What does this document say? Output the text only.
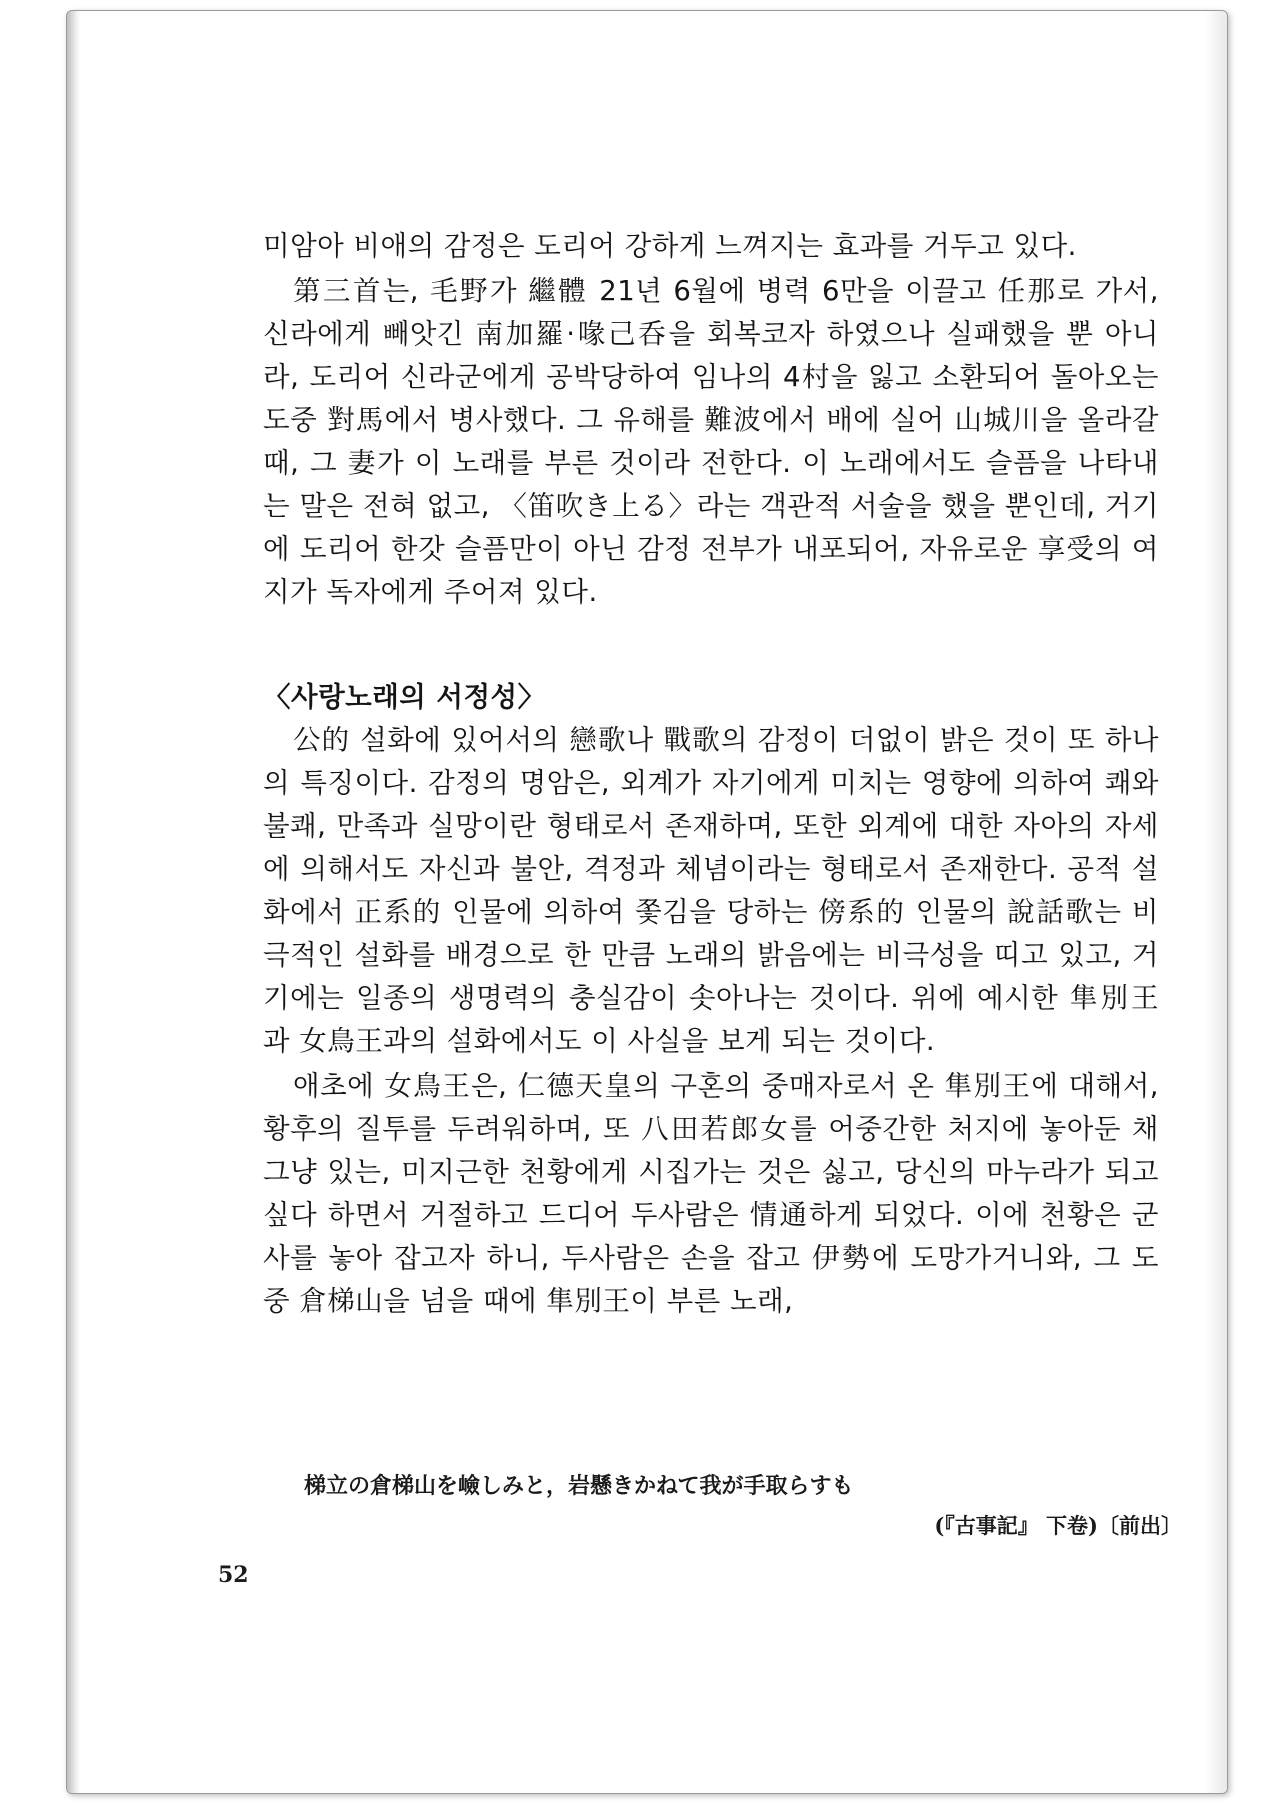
미암아 비애의 감정은 도리어 강하게 느껴지는 효과를 거두고 있다.

第三首는, 毛野가 繼體 21년 6월에 병력 6만을 이끌고 任那로 가서, 신라에게 빼앗긴 南加羅·喙己呑을 회복코자 하였으나 실패했을 뿐 아니라, 도리어 신라군에게 공박당하여 임나의 4村을 잃고 소환되어 돌아오는 도중 對馬에서 병사했다. 그 유해를 難波에서 배에 실어 山城川을 올라갈 때, 그 妻가 이 노래를 부른 것이라 전한다. 이 노래에서도 슬픔을 나타내는 말은 전혀 없고, 〈笛吹き上る〉라는 객관적 서술을 했을 뿐인데, 거기에 도리어 한갓 슬픔만이 아닌 감정 전부가 내포되어, 자유로운 享受의 여지가 독자에게 주어져 있다.

〈사랑노래의 서정성〉

公的 설화에 있어서의 戀歌나 戰歌의 감정이 더없이 밝은 것이 또 하나의 특징이다. 감정의 명암은, 외계가 자기에게 미치는 영향에 의하여 쾌와 불쾌, 만족과 실망이란 형태로서 존재하며, 또한 외계에 대한 자아의 자세에 의해서도 자신과 불안, 격정과 체념이라는 형태로서 존재한다. 공적 설화에서 正系的 인물에 의하여 쫓김을 당하는 傍系的 인물의 說話歌는 비극적인 설화를 배경으로 한 만큼 노래의 밝음에는 비극성을 띠고 있고, 거기에는 일종의 생명력의 충실감이 솟아나는 것이다. 위에 예시한 隼別王과 女鳥王과의 설화에서도 이 사실을 보게 되는 것이다.

애초에 女鳥王은, 仁德天皇의 구혼의 중매자로서 온 隼別王에 대해서, 황후의 질투를 두려워하며, 또 八田若郎女를 어중간한 처지에 놓아둔 채 그냥 있는, 미지근한 천황에게 시집가는 것은 싫고, 당신의 마누라가 되고 싶다 하면서 거절하고 드디어 두사람은 情通하게 되었다. 이에 천황은 군사를 놓아 잡고자 하니, 두사람은 손을 잡고 伊勢에 도망가거니와, 그 도중 倉梯山을 넘을 때에 隼別王이 부른 노래,

梯立の倉梯山を嶮しみと，岩懸きかねて我が手取らすも
(『古事記』 下卷)〔前出〕
52
